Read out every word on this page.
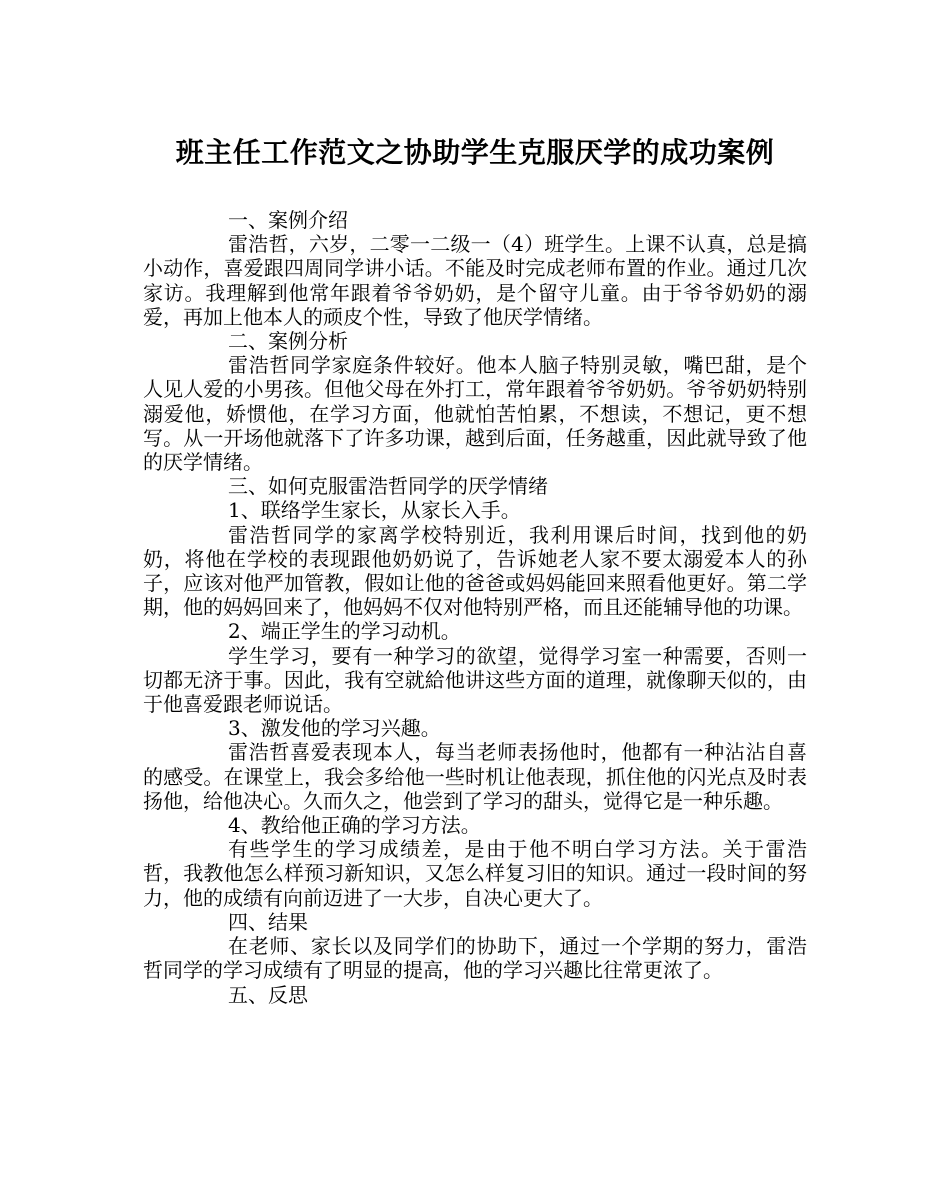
班主任工作范文之协助学生克服厌学的成功案例

一、案例介绍

雷浩哲，六岁，二零一二级一（4）班学生。上课不认真，总是搞小动作，喜爱跟四周同学讲小话。不能及时完成老师布置的作业。通过几次家访。我理解到他常年跟着爷爷奶奶，是个留守儿童。由于爷爷奶奶的溺爱，再加上他本人的顽皮个性，导致了他厌学情绪。

二、案例分析

雷浩哲同学家庭条件较好。他本人脑子特别灵敏，嘴巴甜，是个人见人爱的小男孩。但他父母在外打工，常年跟着爷爷奶奶。爷爷奶奶特别溺爱他，娇惯他，在学习方面，他就怕苦怕累，不想读，不想记，更不想写。从一开场他就落下了许多功课，越到后面，任务越重，因此就导致了他的厌学情绪。

三、如何克服雷浩哲同学的厌学情绪

1、联络学生家长，从家长入手。

雷浩哲同学的家离学校特别近，我利用课后时间，找到他的奶奶，将他在学校的表现跟他奶奶说了，告诉她老人家不要太溺爱本人的孙子，应该对他严加管教，假如让他的爸爸或妈妈能回来照看他更好。第二学期，他的妈妈回来了，他妈妈不仅对他特别严格，而且还能辅导他的功课。

2、端正学生的学习动机。

学生学习，要有一种学习的欲望，觉得学习室一种需要，否则一切都无济于事。因此，我有空就給他讲这些方面的道理，就像聊天似的，由于他喜爱跟老师说话。

3、激发他的学习兴趣。

雷浩哲喜爱表现本人，每当老师表扬他时，他都有一种沾沾自喜的感受。在课堂上，我会多给他一些时机让他表现，抓住他的闪光点及时表扬他，给他决心。久而久之，他尝到了学习的甜头，觉得它是一种乐趣。

4、教给他正确的学习方法。

有些学生的学习成绩差，是由于他不明白学习方法。关于雷浩哲，我教他怎么样预习新知识，又怎么样复习旧的知识。通过一段时间的努力，他的成绩有向前迈进了一大步，自决心更大了。

四、结果

在老师、家长以及同学们的协助下，通过一个学期的努力，雷浩哲同学的学习成绩有了明显的提高，他的学习兴趣比往常更浓了。

五、反思
